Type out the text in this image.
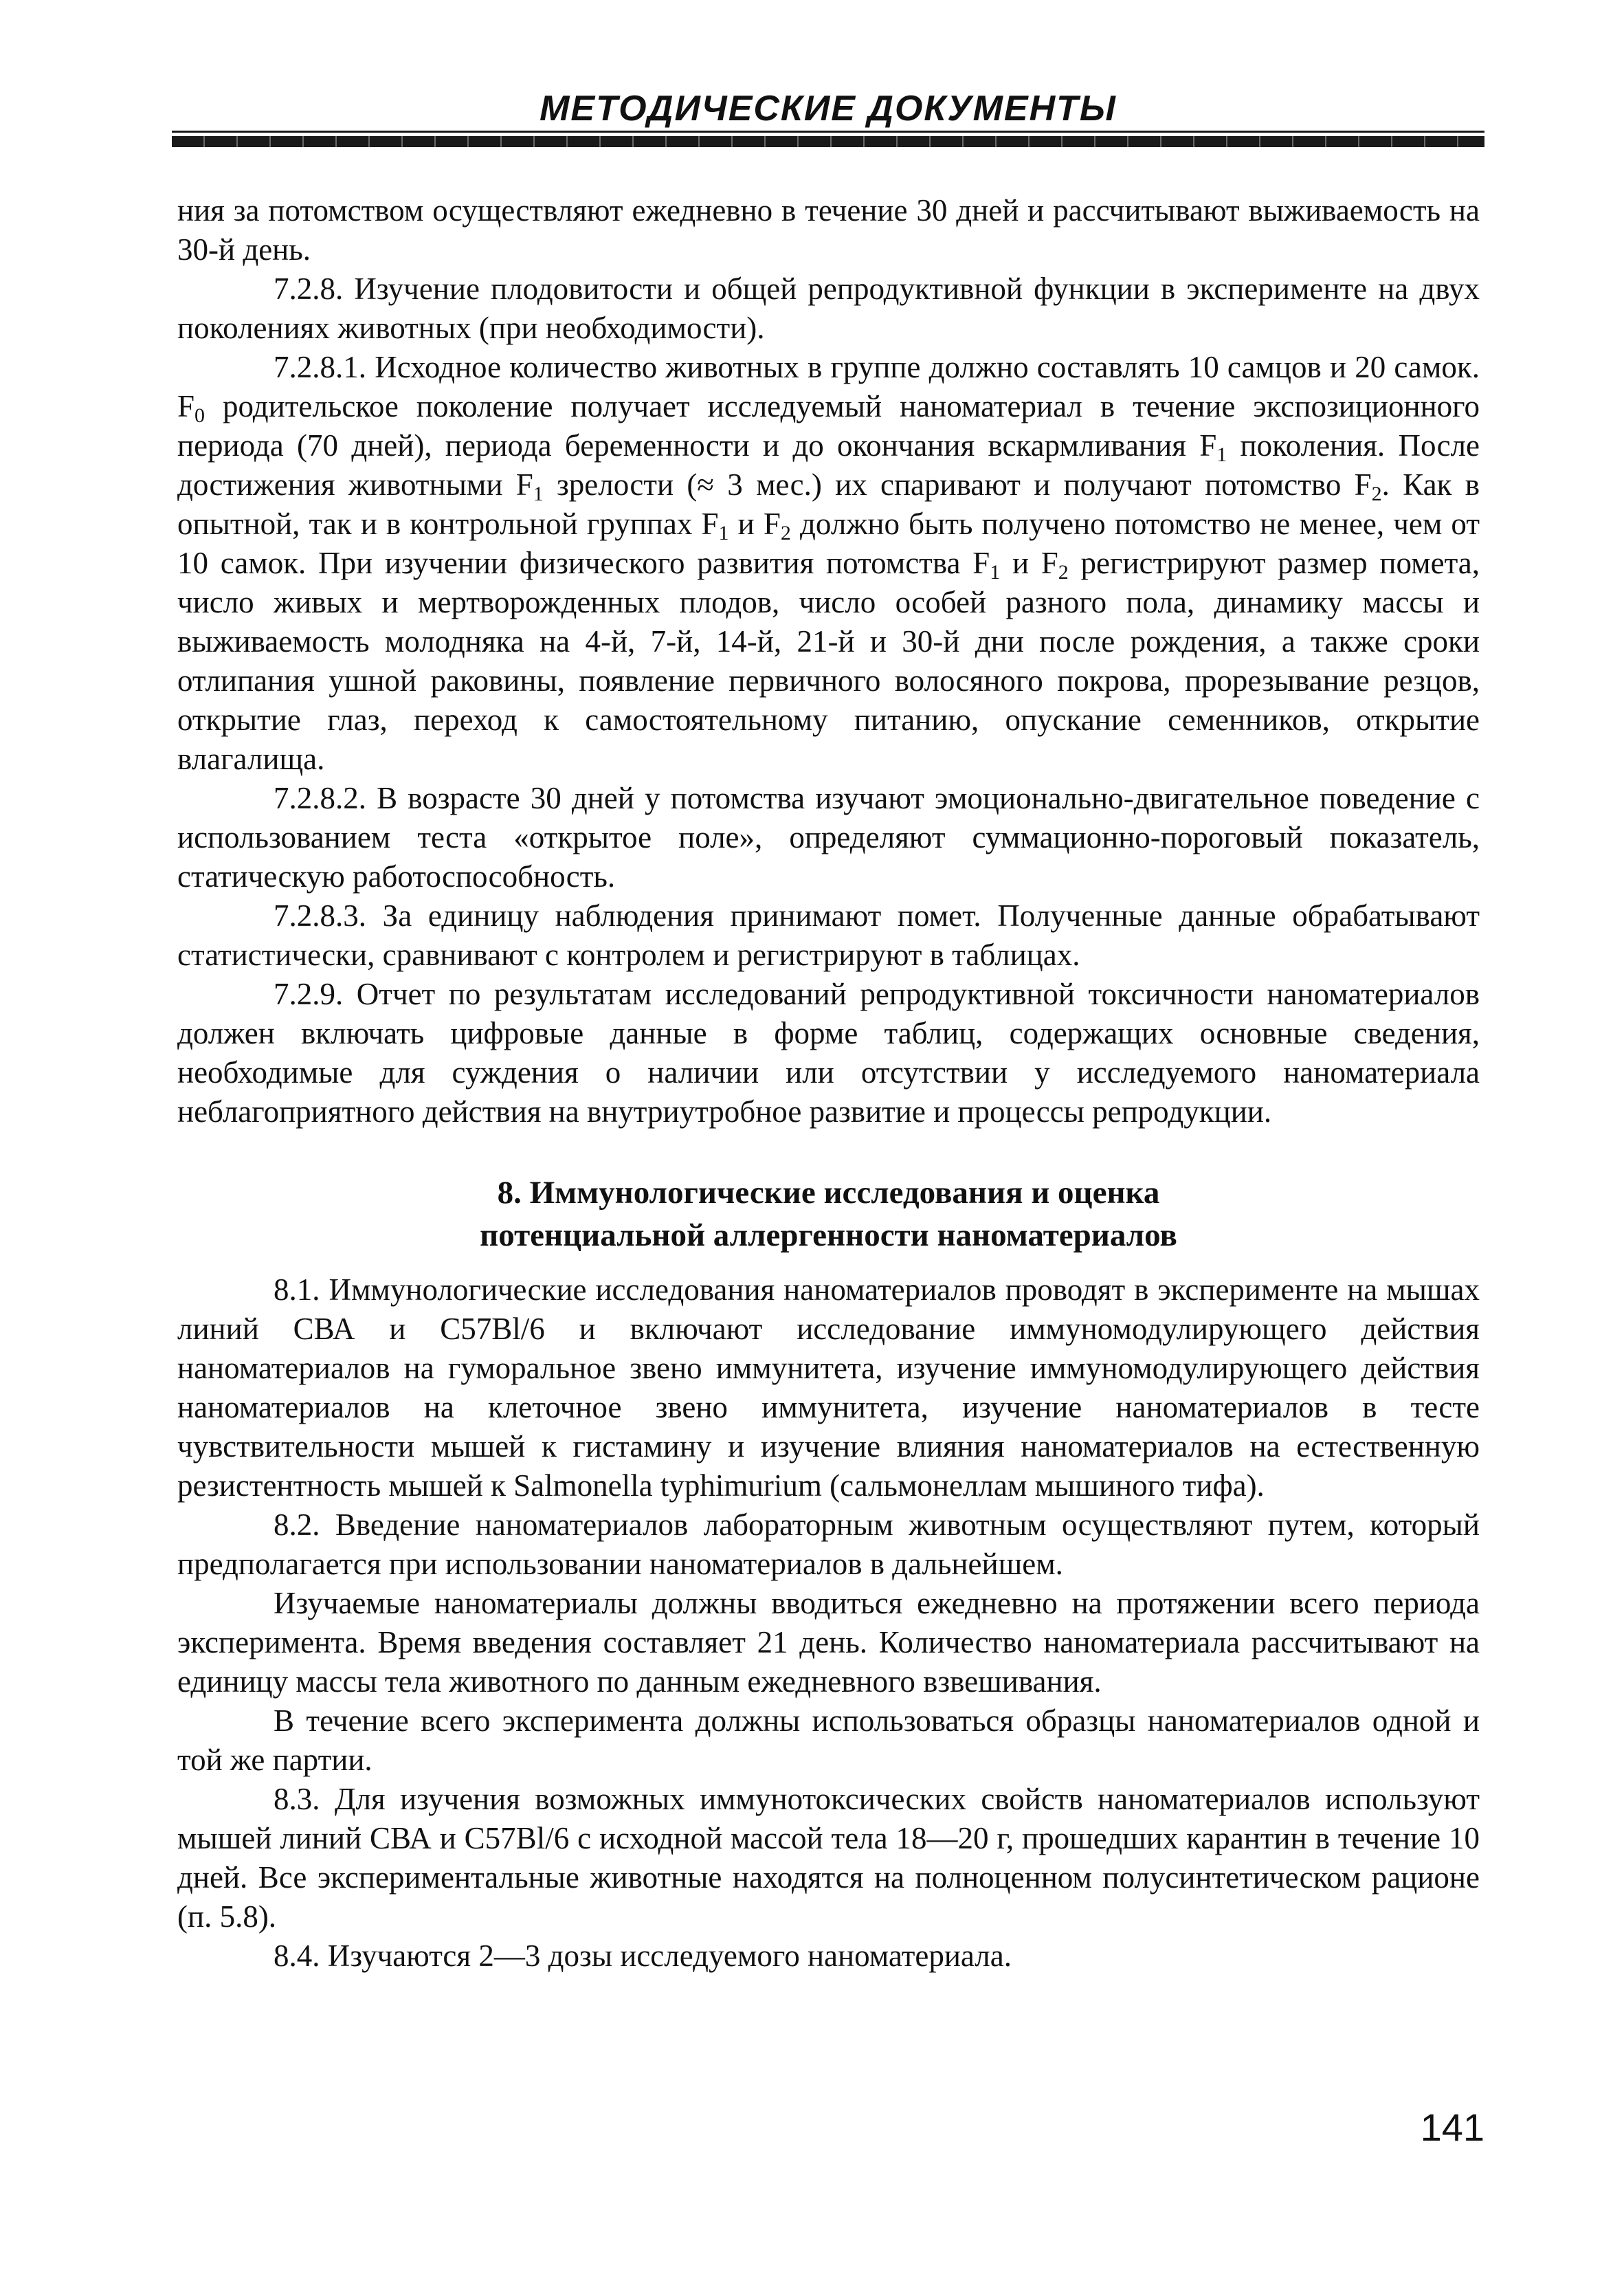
МЕТОДИЧЕСКИЕ ДОКУМЕНТЫ

ния за потомством осуществляют ежедневно в течение 30 дней и рассчитывают выживаемость на 30-й день.

7.2.8. Изучение плодовитости и общей репродуктивной функции в эксперименте на двух поколениях животных (при необходимости).

7.2.8.1. Исходное количество животных в группе должно составлять 10 самцов и 20 самок. $F_0$ родительское поколение получает исследуемый наноматериал в течение экспозиционного периода (70 дней), периода беременности и до окончания вскармливания $F_1$ поколения. После достижения животными $F_1$ зрелости (≈ 3 мес.) их спаривают и получают потомство $F_2$. Как в опытной, так и в контрольной группах $F_1$ и $F_2$ должно быть получено потомство не менее, чем от 10 самок. При изучении физического развития потомства $F_1$ и $F_2$ регистрируют размер помета, число живых и мертворожденных плодов, число особей разного пола, динамику массы и выживаемость молодняка на 4-й, 7-й, 14-й, 21-й и 30-й дни после рождения, а также сроки отлипания ушной раковины, появление первичного волосяного покрова, прорезывание резцов, открытие глаз, переход к самостоятельному питанию, опускание семенников, открытие влагалища.

7.2.8.2. В возрасте 30 дней у потомства изучают эмоционально-двигательное поведение с использованием теста «открытое поле», определяют суммационно-пороговый показатель, статическую работоспособность.

7.2.8.3. За единицу наблюдения принимают помет. Полученные данные обрабатывают статистически, сравнивают с контролем и регистрируют в таблицах.

7.2.9. Отчет по результатам исследований репродуктивной токсичности наноматериалов должен включать цифровые данные в форме таблиц, содержащих основные сведения, необходимые для суждения о наличии или отсутствии у исследуемого наноматериала неблагоприятного действия на внутриутробное развитие и процессы репродукции.

8. Иммунологические исследования и оценка
потенциальной аллергенности наноматериалов

8.1. Иммунологические исследования наноматериалов проводят в эксперименте на мышах линий СВА и C57Bl/6 и включают исследование иммуномодулирующего действия наноматериалов на гуморальное звено иммунитета, изучение иммуномодулирующего действия наноматериалов на клеточное звено иммунитета, изучение наноматериалов в тесте чувствительности мышей к гистамину и изучение влияния наноматериалов на естественную резистентность мышей к Salmonella typhimurium (сальмонеллам мышиного тифа).

8.2. Введение наноматериалов лабораторным животным осуществляют путем, который предполагается при использовании наноматериалов в дальнейшем.

Изучаемые наноматериалы должны вводиться ежедневно на протяжении всего периода эксперимента. Время введения составляет 21 день. Количество наноматериала рассчитывают на единицу массы тела животного по данным ежедневного взвешивания.

В течение всего эксперимента должны использоваться образцы наноматериалов одной и той же партии.

8.3. Для изучения возможных иммунотоксических свойств наноматериалов используют мышей линий СВА и C57Bl/6 с исходной массой тела 18—20 г, прошедших карантин в течение 10 дней. Все экспериментальные животные находятся на полноценном полусинтетическом рационе (п. 5.8).

8.4. Изучаются 2—3 дозы исследуемого наноматериала.

141
